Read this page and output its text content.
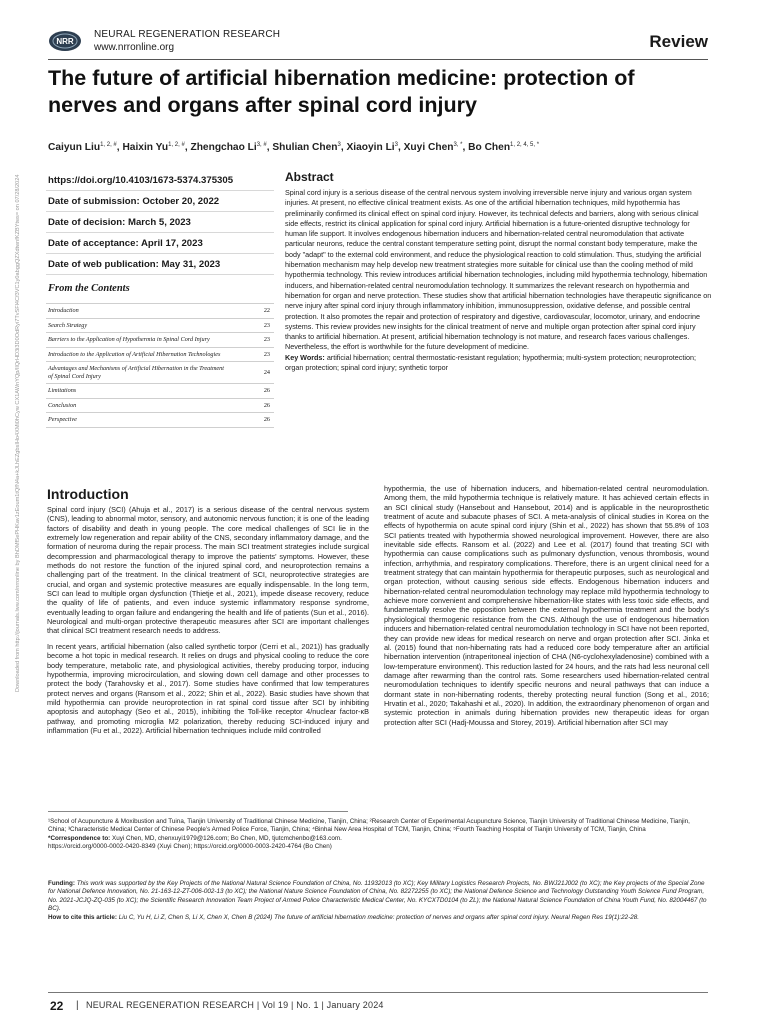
Downloaded from http://journals.lww.com/nrronline by BhDMf5ePHKav1zEoum1tQfN4a+kJLhEZgbsIHo4XMi0hCyw CX1AWnYQp/IlQrHD3i3D0OdRyi7TvSFl4Cf3VC1y0abggQZXdtwnfKZBYtws= on 07/28/2024
NRR
NEURAL REGENERATION RESEARCH
www.nrronline.org	Review
The future of artificial hibernation medicine: protection of nerves and organs after spinal cord injury
Caiyun Liu$^{1, 2, \#}$, Haixin $Yu^{1, 2, \#}$, Zhengchao $Li^{3, \#}$, Shulian Chen$^3$, Xiaoyin Li$^3$, Xuyi Chen$^{3, *}$, Bo Chen$^{1, 2, 4, 5, *}$
https://doi.org/10.4103/1673-5374.375305
Date of submission: October 20, 2022
Date of decision: March 5, 2023
Date of acceptance: April 17, 2023
Date of web publication: May 31, 2023
From the Contents
Introduction	22
Search Strategy	23
Barriers to the Application of Hypothermia in Spinal Cord Injury	23
Introduction to the Application of Artificial Hibernation Technologies	23
Advantages and Mechanisms of Artificial Hibernation in the Treatment of Spinal Cord Injury	24
Limitations	26
Conclusion	26
Perspective	26
Abstract
Spinal cord injury is a serious disease of the central nervous system involving irreversible nerve injury and various organ system injuries. At present, no effective clinical treatment exists. As one of the artificial hibernation techniques, mild hypothermia has preliminarily confirmed its clinical effect on spinal cord injury. However, its technical defects and barriers, along with serious clinical side effects, restrict its clinical application for spinal cord injury. Artificial hibernation is a future-oriented disruptive technology for human life support. It involves endogenous hibernation inducers and hibernation-related central neuromodulation that activate particular neurons, reduce the central constant temperature setting point, disrupt the normal constant body temperature, make the body "adapt" to the external cold environment, and reduce the physiological reaction to cold stimulation. Thus, studying the artificial hibernation mechanism may help develop new treatment strategies more suitable for clinical use than the cooling method of mild hypothermia technology. This review introduces artificial hibernation technologies, including mild hypothermia technology, hibernation inducers, and hibernation-related central neuromodulation technology. It summarizes the relevant research on hypothermia and hibernation for organ and nerve protection. These studies show that artificial hibernation technologies have therapeutic significance on nerve injury after spinal cord injury through inflammatory inhibition, immunosuppression, oxidative defense, and possible central protection. It also promotes the repair and protection of respiratory and digestive, cardiovascular, locomotor, urinary, and endocrine systems. This review provides new insights for the clinical treatment of nerve and multiple organ protection after spinal cord injury thanks to artificial hibernation. At present, artificial hibernation technology is not mature, and research faces various challenges. Nevertheless, the effort is worthwhile for the future development of medicine.
Key Words: artificial hibernation; central thermostatic-resistant regulation; hypothermia; multi-system protection; neuroprotection; organ protection; spinal cord injury; synthetic torpor
Introduction

Spinal cord injury (SCI) (Ahuja et al., 2017) is a serious disease of the central nervous system (CNS), leading to abnormal motor, sensory, and autonomic nervous function; it is one of the leading factors of disability and death in young people. The core medical challenges of SCI lie in the extremely low regeneration and repair ability of the CNS, secondary inflammatory damage, and the formation of neuroma during the repair process. The main SCI treatment strategies include surgical decompression and pharmacological therapy to improve the patients’ symptoms. However, these methods do not restore the function of the injured spinal cord, and neuroprotection remains a challenging part of the treatment. In the clinical treatment of SCI, neuroprotective strategies are crucial, and organ and systemic protective measures are equally indispensable. In the long term, SCI can lead to multiple organ dysfunction (Thietje et al., 2021), impede disease recovery, reduce the quality of life of patients, and even induce systemic inflammatory response syndrome, eventually leading to organ failure and endangering the health and life of patients (Sun et al., 2016). Neurological and multi-organ protective therapeutic measures after SCI are important challenges that clinical SCI treatment research needs to address.

In recent years, artificial hibernation (also called synthetic torpor (Cerri et al., 2021)) has gradually become a hot topic in medical research. It relies on drugs and physical cooling to reduce the core body temperature, metabolic rate, and physiological activities, thereby producing torpor, inducing hypothermia, improving microcirculation, and slowing down cell damage and other processes to protect the body (Tarahovsky et al., 2017). Some studies have confirmed that low temperatures protect nerves and organs (Ransom et al., 2022; Shin et al., 2022). Basic studies have shown that mild hypothermia can provide neuroprotection in rat spinal cord tissue after SCI by inhibiting apoptosis and autophagy (Seo et al., 2015), inhibiting the Toll-like receptor 4/nuclear factor-κB pathway, and promoting microglia M2 polarization, thereby reducing SCI-induced injury and inflammation (Fu et al., 2022). Artificial hibernation techniques include mild controlled

hypothermia, the use of hibernation inducers, and hibernation-related central neuromodulation. Among them, the mild hypothermia technique is relatively mature. It has achieved certain effects in an SCI clinical study (Hansebout and Hansebout, 2014) and is applicable in the neuroprosthetic treatment of acute and subacute phases of SCI. A meta-analysis of clinical studies in Korea on the effects of hypothermia on acute spinal cord injury (Shin et al., 2022) has shown that 55.8% of 103 SCI patients treated with hypothermia showed neurological improvement. However, there are also inevitable side effects. Ransom et al. (2022) and Lee et al. (2017) found that treating SCI with hypothermia can cause complications such as pulmonary dysfunction, venous thrombosis, wound infection, arrhythmia, and respiratory complications. Therefore, there is an urgent clinical need for a treatment strategy that can maintain hypothermia for therapeutic purposes, such as neurological and organ protection, without causing serious side effects. Endogenous hibernation inducers and hibernation-related central neuromodulation technology may replace mild hypothermia technology to achieve more convenient and comprehensive hibernation-like states with less toxic side effects, and fundamentally resolve the opposition between the external hypothermia treatment and the body’s physiological thermogenic resistance from the CNS. Although the use of endogenous hibernation inducers and hibernation-related central neuromodulation technology in SCI have not been reported, they can provide new ideas for medical research on nerve and organ protection after SCI. Jinka et al. (2015) found that non-hibernating rats had a reduced core body temperature after an artificial hibernation intervention (intraperitoneal injection of CHA (N6-cyclohexyladenosine) combined with a low-temperature environment). This reduction lasted for 24 hours, and the rats had less neuronal cell damage after rewarming than the control rats. Some researchers used hibernation-related central neuromodulation techniques to identify specific neurons and neural pathways that can induce a dormant state in non-hibernating rodents, thereby protecting neural function (Song et al., 2016; Hrvatin et al., 2020; Takahashi et al., 2020). In addition, the extraordinary phenomenon of organ and systemic protection in animals during hibernation provides new therapeutic ideas for organ protection after SCI (Hadj-Moussa and Storey, 2019). Artificial hibernation after SCI may

¹School of Acupuncture & Moxibustion and Tuina, Tianjin University of Traditional Chinese Medicine, Tianjin, China; ²Research Center of Experimental Acupuncture Science, Tianjin University of Traditional Chinese Medicine, Tianjin, China; ³Characteristic Medical Center of Chinese People’s Armed Police Force, Tianjin, China; ⁴Binhai New Area Hospital of TCM, Tianjin, China; ⁵Fourth Teaching Hospital of Tianjin University of TCM, Tianjin, China
*Correspondence to: Xuyi Chen, MD, chenxuyi1979@126.com; Bo Chen, MD, tjutcmchenbo@163.com.
https://orcid.org/0000-0002-0420-8349 (Xuyi Chen); https://orcid.org/0000-0003-2420-4764 (Bo Chen)
Funding: This work was supported by the Key Projects of the National Natural Science Foundation of China, No. 11932013 (to XC); Key Military Logistics Research Projects, No. BWJ21J002 (to XC); the Key projects of the Special Zone for National Defence Innovation, No. 21-163-12-ZT-006-002-13 (to XC); the National Nature Science Foundation of China, No. 82272255 (to XC); the National Defence Science and Technology Outstanding Youth Science Fund Program, No. 2021-JCJQ-ZQ-035 (to XC); the Scientific Research Innovation Team Project of Armed Police Characteristic Medical Center, No. KYCXTD0104 (to ZL); the National Natural Science Foundation of China Youth Fund, No. 82004467 (to BC).
How to cite this article: Liu C, Yu H, Li Z, Chen S, Li X, Chen X, Chen B (2024) The future of artificial hibernation medicine: protection of nerves and organs after spinal cord injury. Neural Regen Res 19(1):22-28.
22 | NEURAL REGENERATION RESEARCH | Vol 19 | No. 1 | January 2024
